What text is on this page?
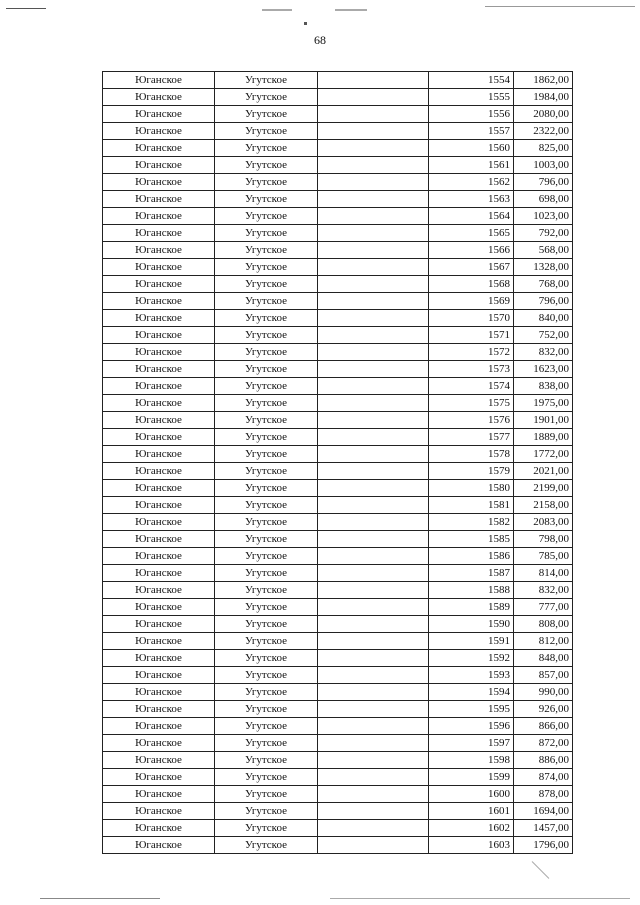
68
Юганское	Угутское		1554	1862,00
Юганское	Угутское		1555	1984,00
Юганское	Угутское		1556	2080,00
Юганское	Угутское		1557	2322,00
Юганское	Угутское		1560	825,00
Юганское	Угутское		1561	1003,00
Юганское	Угутское		1562	796,00
Юганское	Угутское		1563	698,00
Юганское	Угутское		1564	1023,00
Юганское	Угутское		1565	792,00
Юганское	Угутское		1566	568,00
Юганское	Угутское		1567	1328,00
Юганское	Угутское		1568	768,00
Юганское	Угутское		1569	796,00
Юганское	Угутское		1570	840,00
Юганское	Угутское		1571	752,00
Юганское	Угутское		1572	832,00
Юганское	Угутское		1573	1623,00
Юганское	Угутское		1574	838,00
Юганское	Угутское		1575	1975,00
Юганское	Угутское		1576	1901,00
Юганское	Угутское		1577	1889,00
Юганское	Угутское		1578	1772,00
Юганское	Угутское		1579	2021,00
Юганское	Угутское		1580	2199,00
Юганское	Угутское		1581	2158,00
Юганское	Угутское		1582	2083,00
Юганское	Угутское		1585	798,00
Юганское	Угутское		1586	785,00
Юганское	Угутское		1587	814,00
Юганское	Угутское		1588	832,00
Юганское	Угутское		1589	777,00
Юганское	Угутское		1590	808,00
Юганское	Угутское		1591	812,00
Юганское	Угутское		1592	848,00
Юганское	Угутское		1593	857,00
Юганское	Угутское		1594	990,00
Юганское	Угутское		1595	926,00
Юганское	Угутское		1596	866,00
Юганское	Угутское		1597	872,00
Юганское	Угутское		1598	886,00
Юганское	Угутское		1599	874,00
Юганское	Угутское		1600	878,00
Юганское	Угутское		1601	1694,00
Юганское	Угутское		1602	1457,00
Юганское	Угутское		1603	1796,00
